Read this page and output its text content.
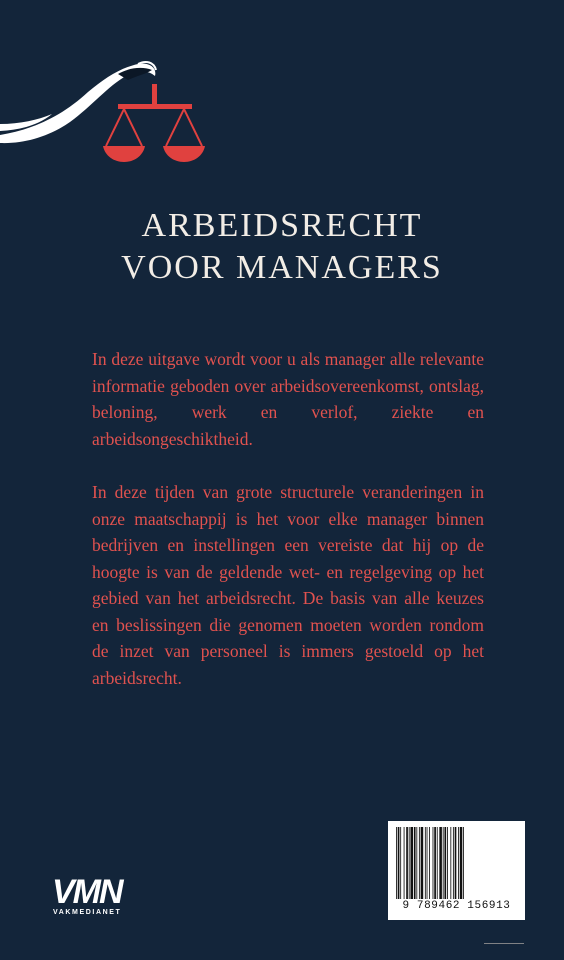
ARBEIDSRECHT
VOOR MANAGERS

In deze uitgave wordt voor u als manager alle relevante informatie geboden over arbeidsovereenkomst, ontslag, beloning, werk en verlof, ziekte en arbeidsongeschiktheid.

In deze tijden van grote structurele veranderingen in onze maatschappij is het voor elke manager binnen bedrijven en instellingen een vereiste dat hij op de hoogte is van de geldende wet- en regelgeving op het gebied van het arbeidsrecht. De basis van alle keuzes en beslissingen die genomen moeten worden rondom de inzet van personeel is immers gestoeld op het arbeidsrecht.

VMN
VAKMEDIANET
9 789462 156913
